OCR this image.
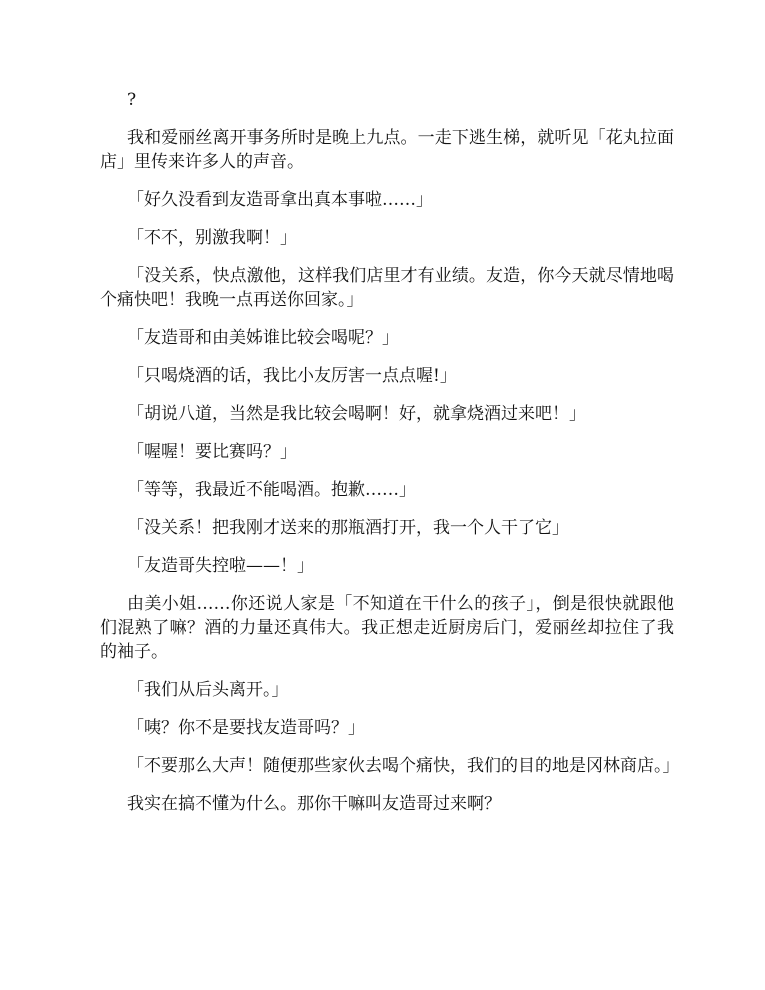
?

我和爱丽丝离开事务所时是晚上九点。一走下逃生梯，就听见「花丸拉面店」里传来许多人的声音。

「好久没看到友造哥拿出真本事啦……」

「不不，别激我啊！」

「没关系，快点激他，这样我们店里才有业绩。友造，你今天就尽情地喝个痛快吧！我晚一点再送你回家。」

「友造哥和由美姊谁比较会喝呢？」

「只喝烧酒的话，我比小友厉害一点点喔!」

「胡说八道，当然是我比较会喝啊！好，就拿烧酒过来吧！」

「喔喔！要比赛吗？」

「等等，我最近不能喝酒。抱歉……」

「没关系！把我刚才送来的那瓶酒打开，我一个人干了它」

「友造哥失控啦——！」

由美小姐……你还说人家是「不知道在干什么的孩子」，倒是很快就跟他们混熟了嘛？酒的力量还真伟大。我正想走近厨房后门，爱丽丝却拉住了我的袖子。

「我们从后头离开。」

「咦？你不是要找友造哥吗？」

「不要那么大声！随便那些家伙去喝个痛快，我们的目的地是冈林商店。」

我实在搞不懂为什么。那你干嘛叫友造哥过来啊？
